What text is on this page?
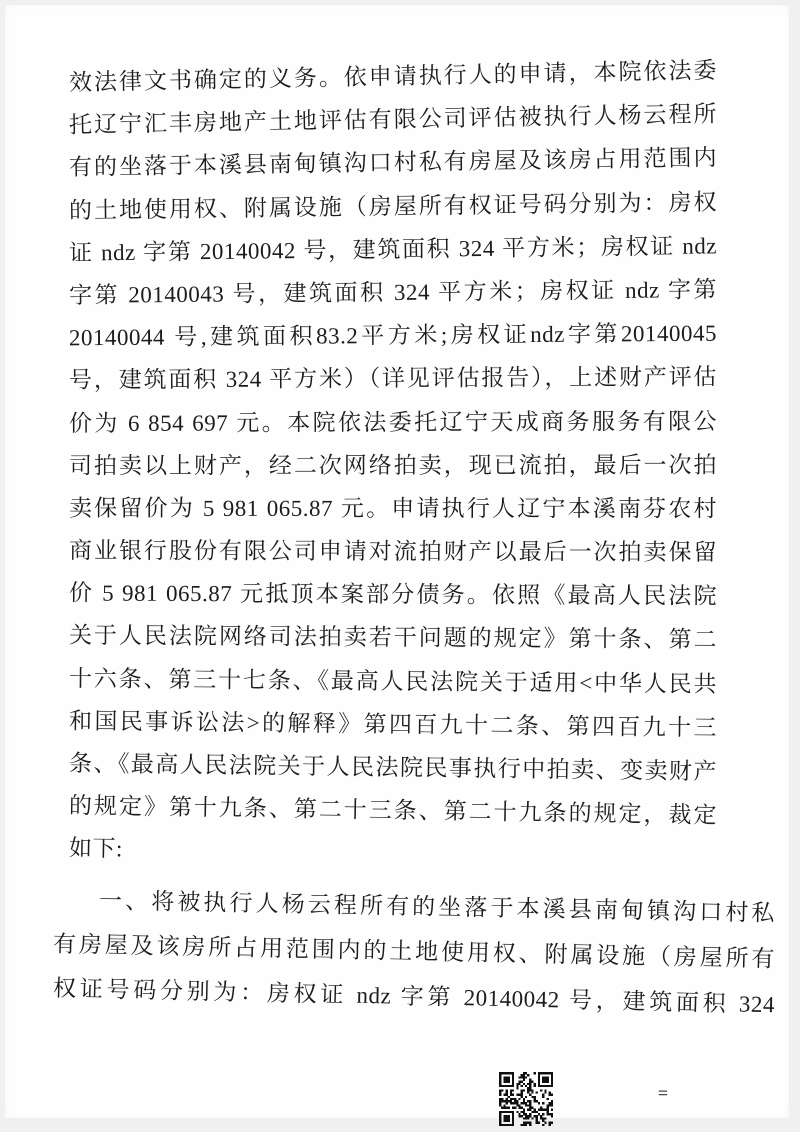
效法律文书确定的义务。依申请执行人的申请，本院依法委
托辽宁汇丰房地产土地评估有限公司评估被执行人杨云程所
有的坐落于本溪县南甸镇沟口村私有房屋及该房占用范围内
的土地使用权、附属设施（房屋所有权证号码分别为：房权
证 ndz 字第 20140042 号，建筑面积 324 平方米；房权证 ndz
字第 20140043 号，建筑面积 324 平方米；房权证 ndz 字第
20140044 号,建筑面积83.2平方米;房权证ndz字第20140045
号，建筑面积 324 平方米）（详见评估报告），上述财产评估
价为 6 854 697 元。本院依法委托辽宁天成商务服务有限公
司拍卖以上财产，经二次网络拍卖，现已流拍，最后一次拍
卖保留价为 5 981 065.87 元。申请执行人辽宁本溪南芬农村
商业银行股份有限公司申请对流拍财产以最后一次拍卖保留
价 5 981 065.87 元抵顶本案部分债务。依照《最高人民法院
关于人民法院网络司法拍卖若干问题的规定》第十条、第二
十六条、第三十七条、《最高人民法院关于适用<中华人民共
和国民事诉讼法>的解释》第四百九十二条、第四百九十三
条、《最高人民法院关于人民法院民事执行中拍卖、变卖财产
的规定》第十九条、第二十三条、第二十九条的规定，裁定
如下:
一、将被执行人杨云程所有的坐落于本溪县南甸镇沟口村私
有房屋及该房所占用范围内的土地使用权、附属设施（房屋所有
权证号码分别为：房权证 ndz 字第 20140042 号，建筑面积 324
=
